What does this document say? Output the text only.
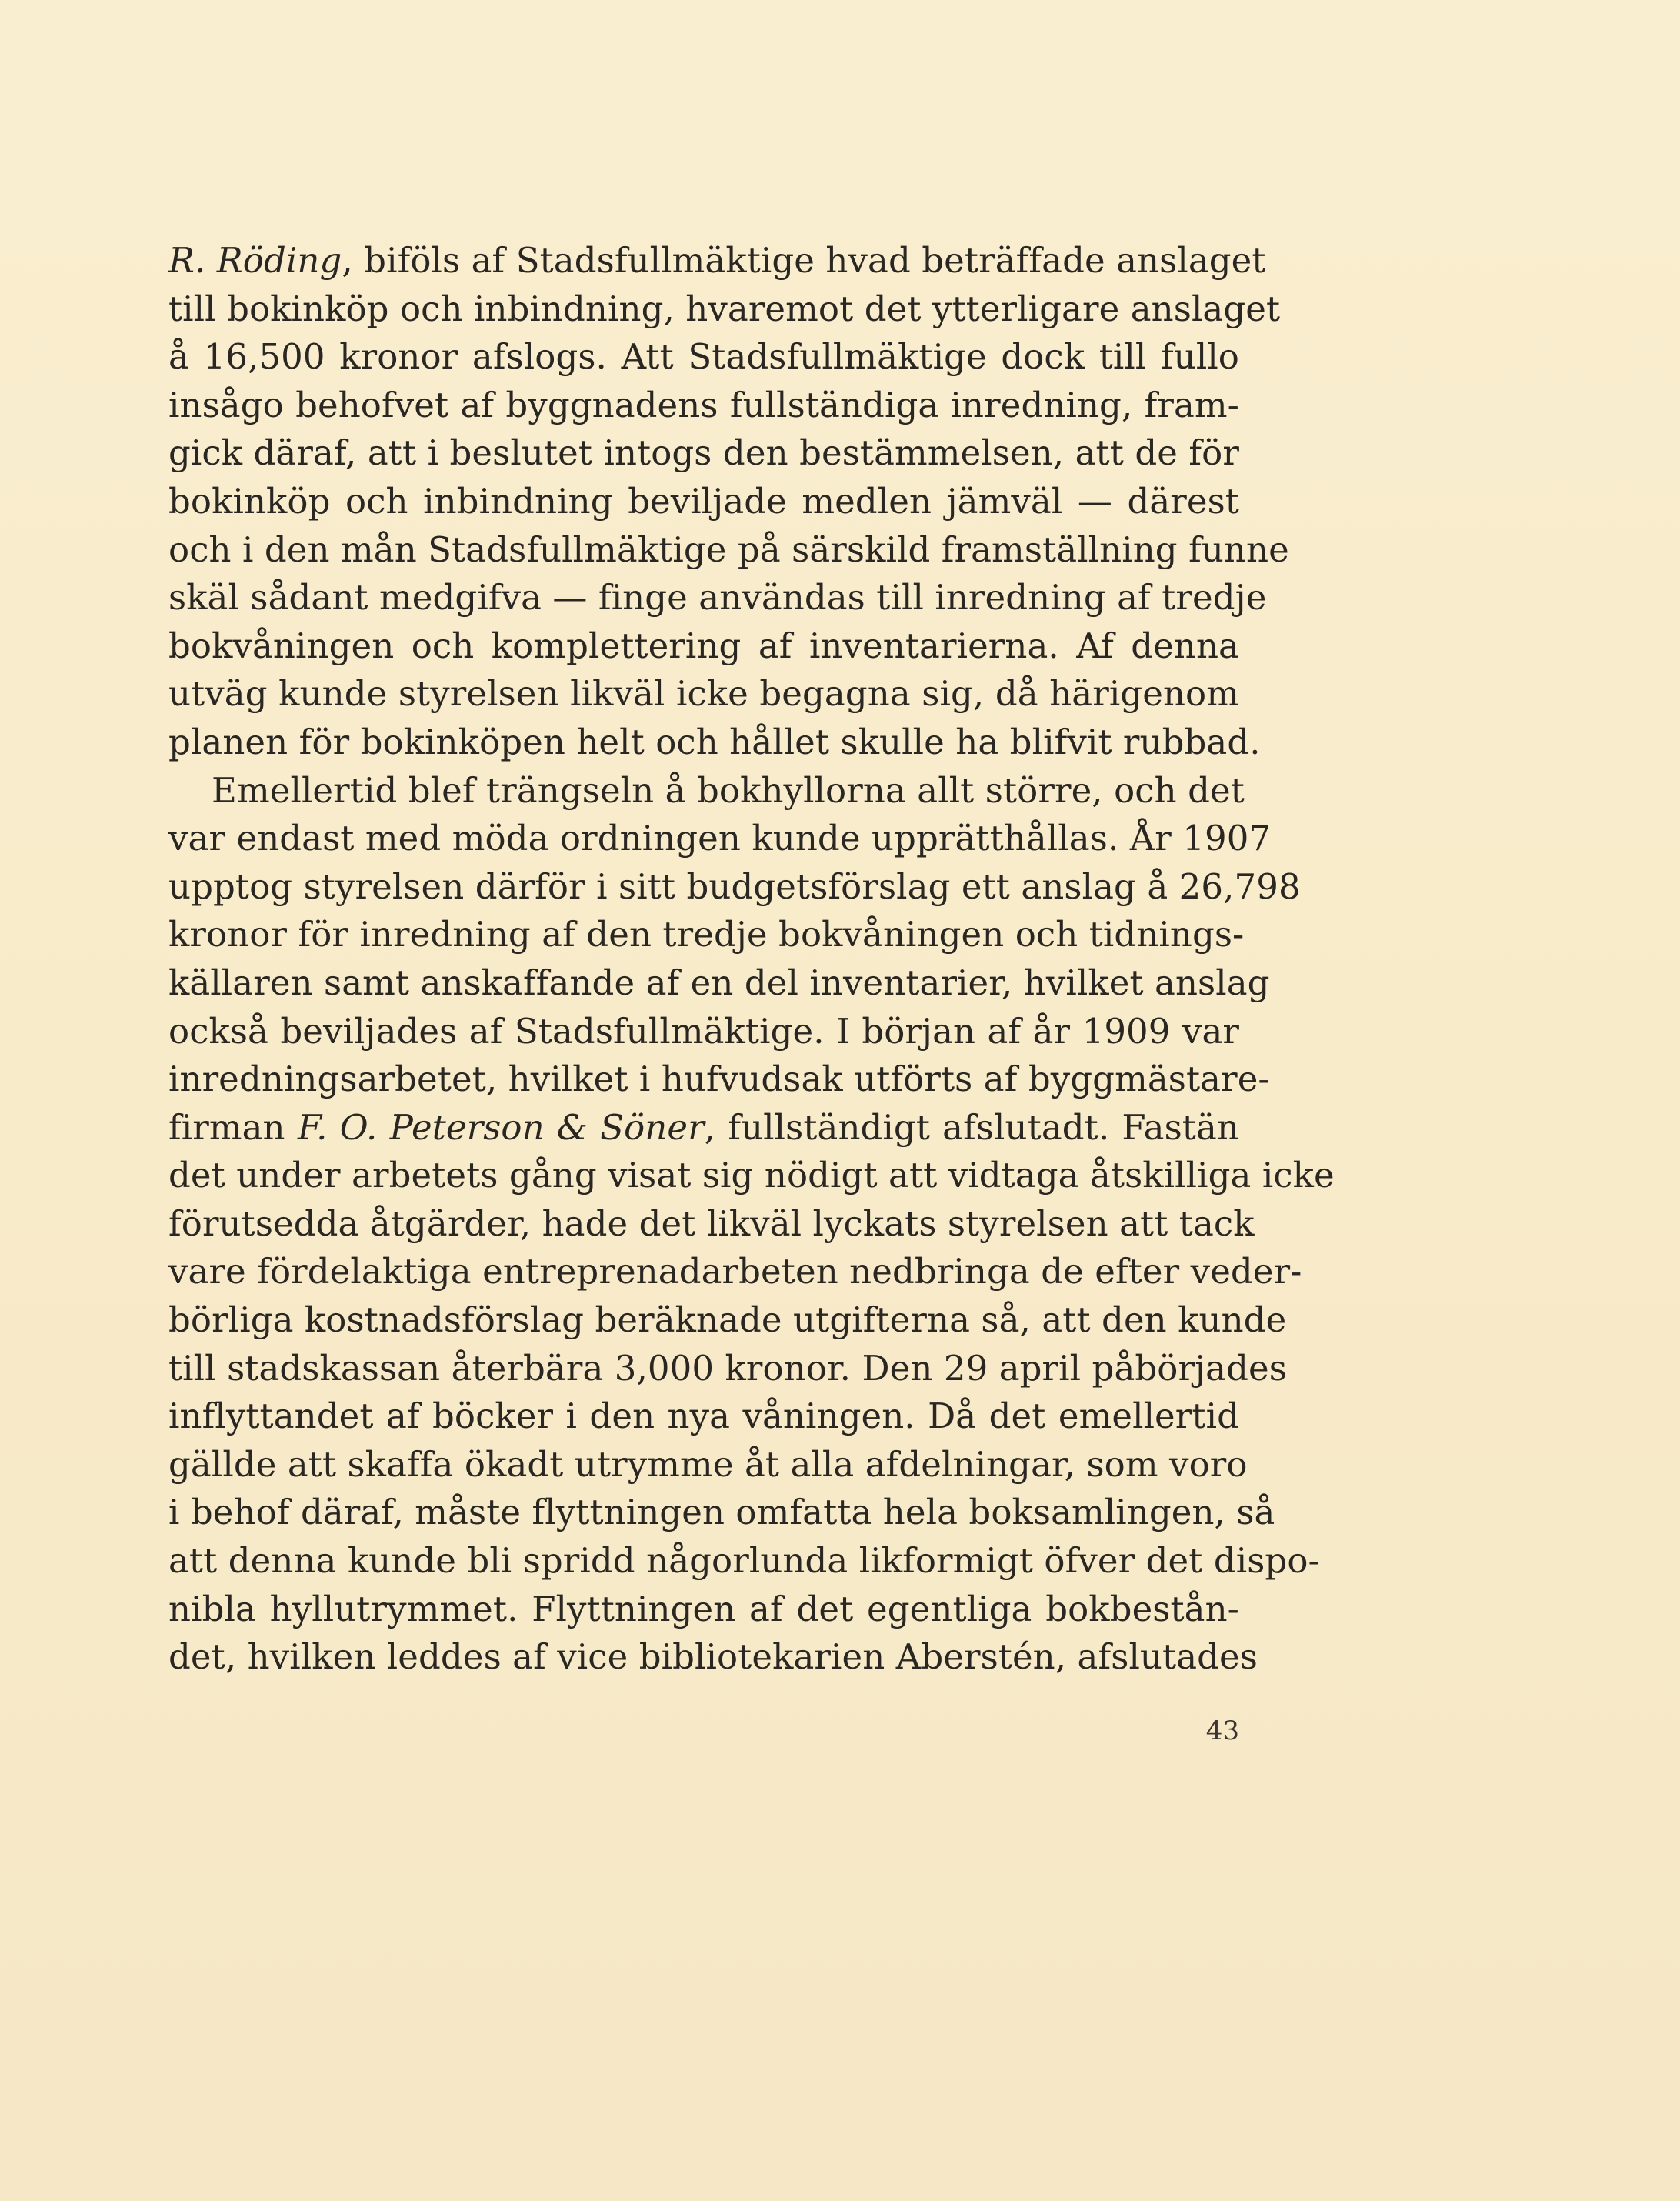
R. Röding, biföls af Stadsfullmäktige hvad beträffade anslaget
till bokinköp och inbindning, hvaremot det ytterligare anslaget
å 16,500 kronor afslogs. Att Stadsfullmäktige dock till fullo
insågo behofvet af byggnadens fullständiga inredning, fram-
gick däraf, att i beslutet intogs den bestämmelsen, att de för
bokinköp och inbindning beviljade medlen jämväl — därest
och i den mån Stadsfullmäktige på särskild framställning funne
skäl sådant medgifva — finge användas till inredning af tredje
bokvåningen och komplettering af inventarierna. Af denna
utväg kunde styrelsen likväl icke begagna sig, då härigenom
planen för bokinköpen helt och hållet skulle ha blifvit rubbad.
Emellertid blef trängseln å bokhyllorna allt större, och det
var endast med möda ordningen kunde upprätthållas. År 1907
upptog styrelsen därför i sitt budgetsförslag ett anslag å 26,798
kronor för inredning af den tredje bokvåningen och tidnings-
källaren samt anskaffande af en del inventarier, hvilket anslag
också beviljades af Stadsfullmäktige. I början af år 1909 var
inredningsarbetet, hvilket i hufvudsak utförts af byggmästare-
firman F. O. Peterson & Söner, fullständigt afslutadt. Fastän
det under arbetets gång visat sig nödigt att vidtaga åtskilliga icke
förutsedda åtgärder, hade det likväl lyckats styrelsen att tack
vare fördelaktiga entreprenadarbeten nedbringa de efter veder-
börliga kostnadsförslag beräknade utgifterna så, att den kunde
till stadskassan återbära 3,000 kronor. Den 29 april påbörjades
inflyttandet af böcker i den nya våningen. Då det emellertid
gällde att skaffa ökadt utrymme åt alla afdelningar, som voro
i behof däraf, måste flyttningen omfatta hela boksamlingen, så
att denna kunde bli spridd någorlunda likformigt öfver det dispo-
nibla hyllutrymmet. Flyttningen af det egentliga bokbestån-
det, hvilken leddes af vice bibliotekarien Aberstén, afslutades
43
